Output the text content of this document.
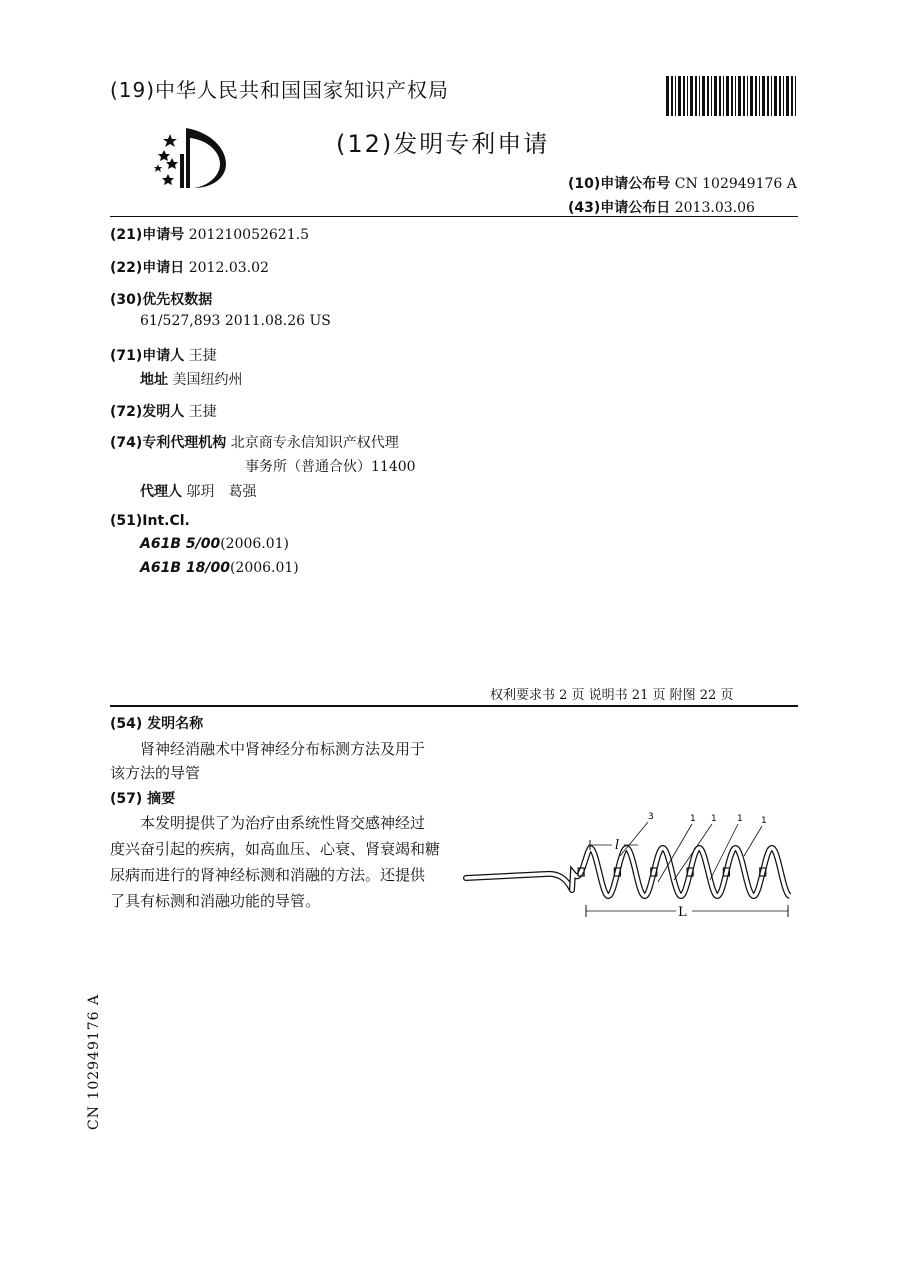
(19)中华人民共和国国家知识产权局
(12)发明专利申请
(10)申请公布号 CN 102949176 A
(43)申请公布日 2013.03.06
(21)申请号 201210052621.5
(22)申请日 2012.03.02
(30)优先权数据
61/527,893 2011.08.26 US
(71)申请人 王捷
地址 美国纽约州
(72)发明人 王捷
(74)专利代理机构 北京商专永信知识产权代理
事务所（普通合伙）11400
代理人 邬玥　葛强
(51)Int.Cl.
A61B 5/00(2006.01)
A61B 18/00(2006.01)
权利要求书 2 页 说明书 21 页 附图 22 页
(54) 发明名称
肾神经消融术中肾神经分布标测方法及用于
该方法的导管
(57) 摘要
本发明提供了为治疗由系统性肾交感神经过
度兴奋引起的疾病，如高血压、心衰、肾衰竭和糖
尿病而进行的肾神经标测和消融的方法。还提供
了具有标测和消融功能的导管。
3	1 1 1 1
l
L
CN 102949176 A
